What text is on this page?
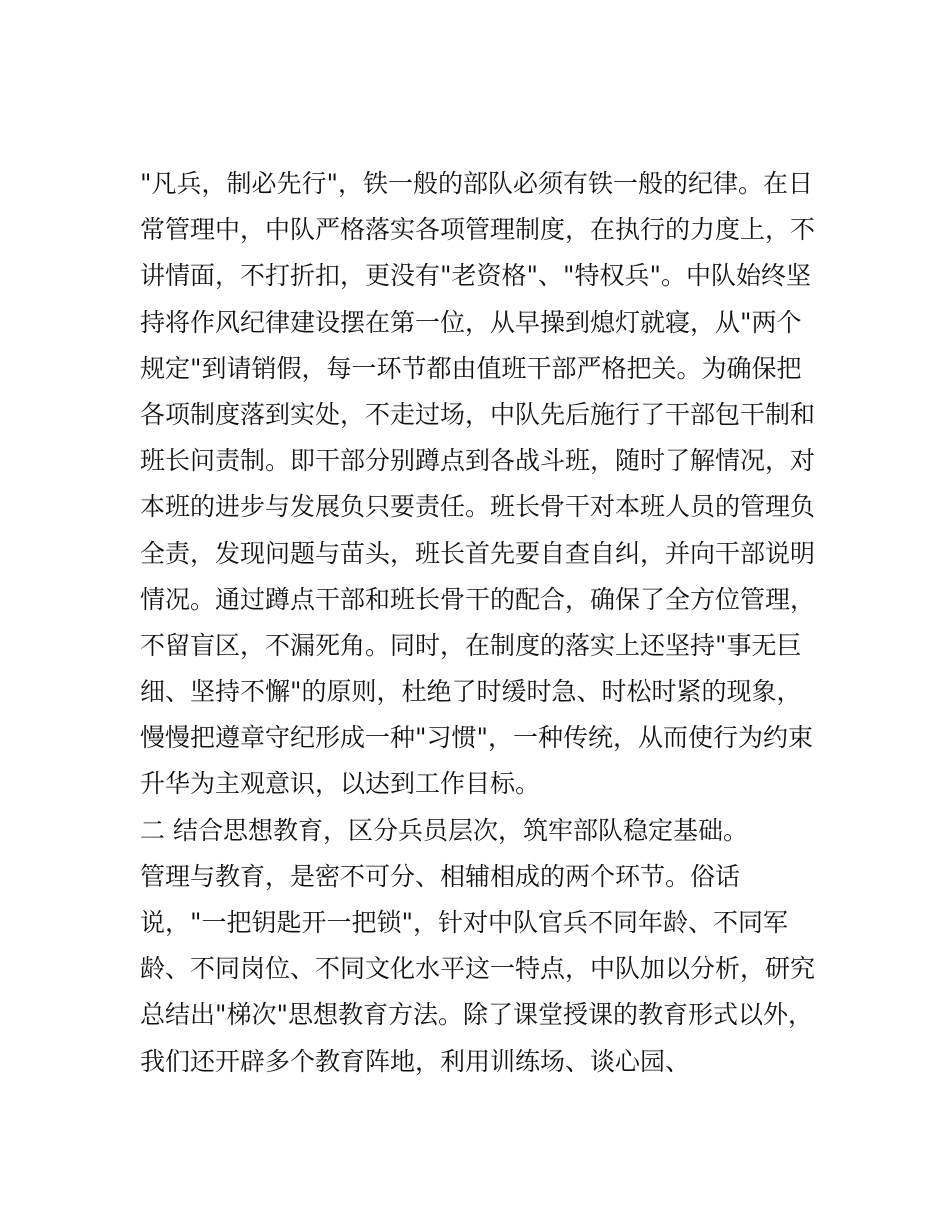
"凡兵，制必先行"，铁一般的部队必须有铁一般的纪律。在日
常管理中，中队严格落实各项管理制度，在执行的力度上，不
讲情面，不打折扣，更没有"老资格"、"特权兵"。中队始终坚
持将作风纪律建设摆在第一位，从早操到熄灯就寝，从"两个
规定"到请销假，每一环节都由值班干部严格把关。为确保把
各项制度落到实处，不走过场，中队先后施行了干部包干制和
班长问责制。即干部分别蹲点到各战斗班，随时了解情况，对
本班的进步与发展负只要责任。班长骨干对本班人员的管理负
全责，发现问题与苗头，班长首先要自查自纠，并向干部说明
情况。通过蹲点干部和班长骨干的配合，确保了全方位管理，
不留盲区，不漏死角。同时，在制度的落实上还坚持"事无巨
细、坚持不懈"的原则，杜绝了时缓时急、时松时紧的现象，
慢慢把遵章守纪形成一种"习惯"，一种传统，从而使行为约束
升华为主观意识，以达到工作目标。
二 结合思想教育，区分兵员层次，筑牢部队稳定基础。
管理与教育，是密不可分、相辅相成的两个环节。俗话
说，"一把钥匙开一把锁"，针对中队官兵不同年龄、不同军
龄、不同岗位、不同文化水平这一特点，中队加以分析，研究
总结出"梯次"思想教育方法。除了课堂授课的教育形式以外，
我们还开辟多个教育阵地，利用训练场、谈心园、
